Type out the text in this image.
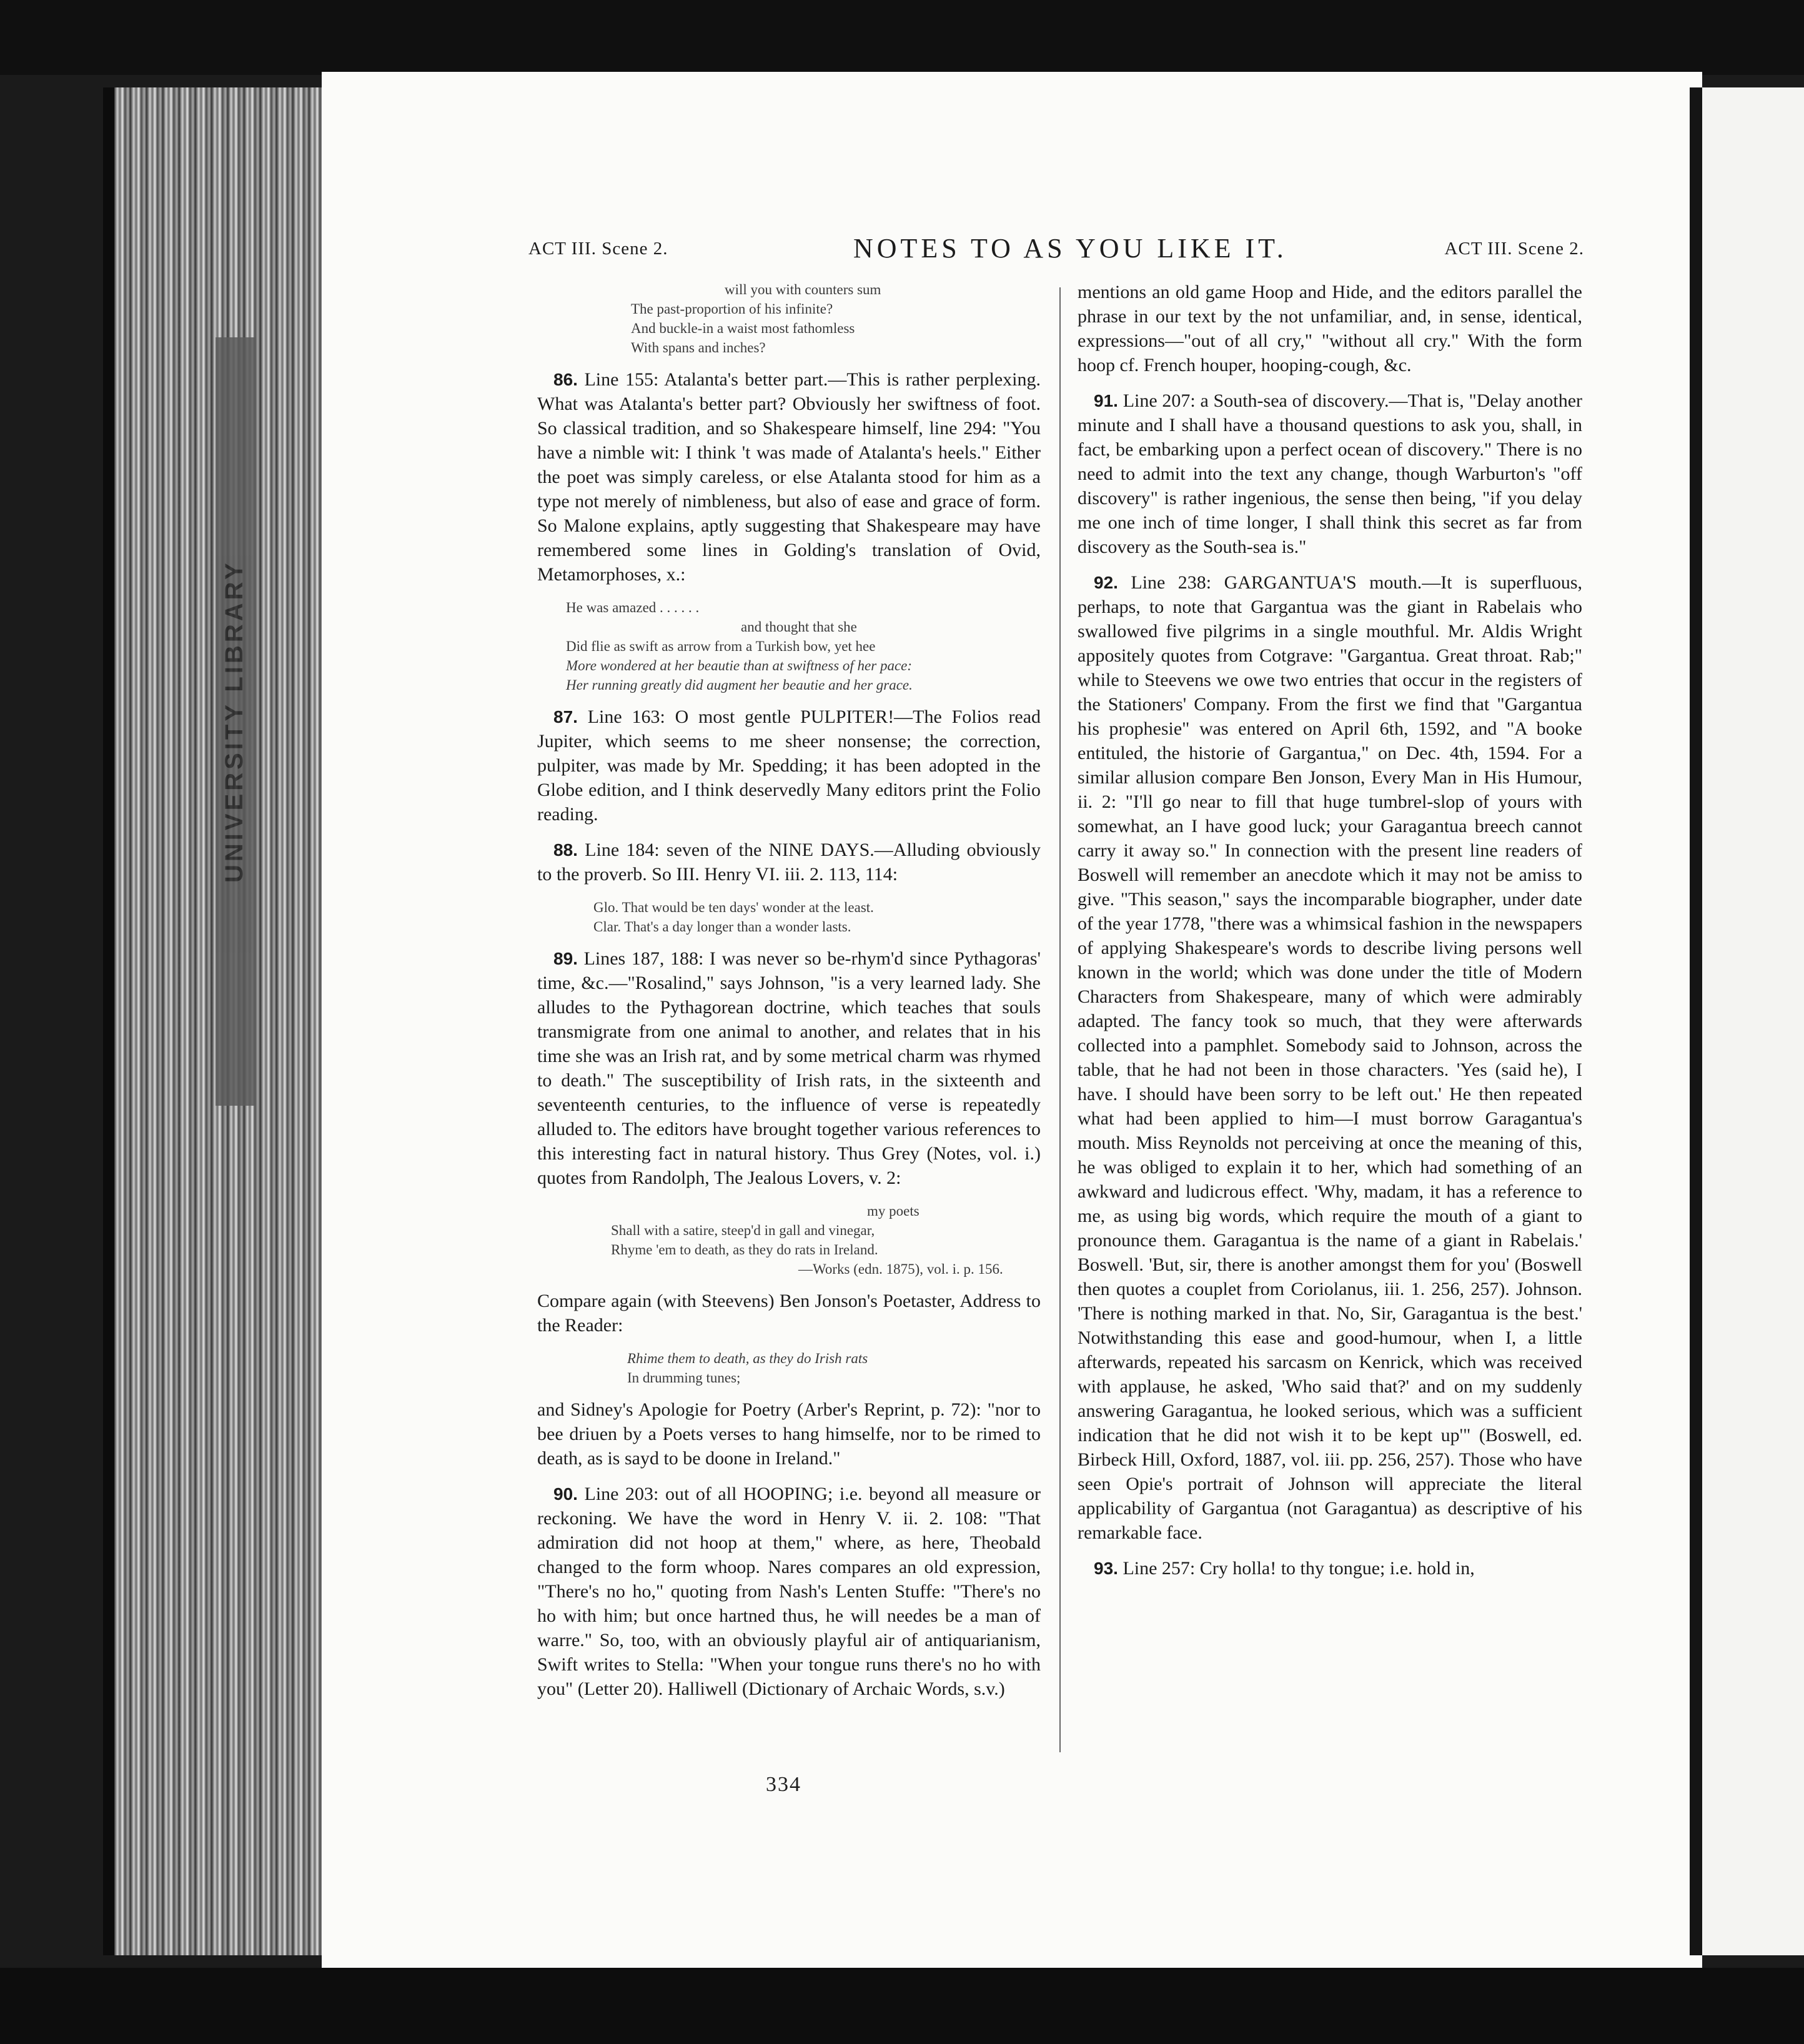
UNIVERSITY LIBRARY
ACT III. Scene 2.	NOTES TO AS YOU LIKE IT.	ACT III. Scene 2.
will you with counters sum
The past-proportion of his infinite?
And buckle-in a waist most fathomless
With spans and inches?

86. Line 155: Atalanta's better part.—This is rather perplexing. What was Atalanta's better part? Obviously her swiftness of foot. So classical tradition, and so Shakespeare himself, line 294: "You have a nimble wit: I think 't was made of Atalanta's heels." Either the poet was simply careless, or else Atalanta stood for him as a type not merely of nimbleness, but also of ease and grace of form. So Malone explains, aptly suggesting that Shakespeare may have remembered some lines in Golding's translation of Ovid, Metamorphoses, x.:

He was amazed . . . . . .
and thought that she
Did flie as swift as arrow from a Turkish bow, yet hee
More wondered at her beautie than at swiftness of her pace:
Her running greatly did augment her beautie and her grace.

87. Line 163: O most gentle PULPITER!—The Folios read Jupiter, which seems to me sheer nonsense; the correction, pulpiter, was made by Mr. Spedding; it has been adopted in the Globe edition, and I think deservedly Many editors print the Folio reading.

88. Line 184: seven of the NINE DAYS.—Alluding obviously to the proverb. So III. Henry VI. iii. 2. 113, 114:

Glo. That would be ten days' wonder at the least.
Clar. That's a day longer than a wonder lasts.

89. Lines 187, 188: I was never so be-rhym'd since Pythagoras' time, &c.—"Rosalind," says Johnson, "is a very learned lady. She alludes to the Pythagorean doctrine, which teaches that souls transmigrate from one animal to another, and relates that in his time she was an Irish rat, and by some metrical charm was rhymed to death." The susceptibility of Irish rats, in the sixteenth and seventeenth centuries, to the influence of verse is repeatedly alluded to. The editors have brought together various references to this interesting fact in natural history. Thus Grey (Notes, vol. i.) quotes from Randolph, The Jealous Lovers, v. 2:

my poets
Shall with a satire, steep'd in gall and vinegar,
Rhyme 'em to death, as they do rats in Ireland.
—Works (edn. 1875), vol. i. p. 156.

Compare again (with Steevens) Ben Jonson's Poetaster, Address to the Reader:

Rhime them to death, as they do Irish rats
In drumming tunes;

and Sidney's Apologie for Poetry (Arber's Reprint, p. 72): "nor to bee driuen by a Poets verses to hang himselfe, nor to be rimed to death, as is sayd to be doone in Ireland."

90. Line 203: out of all HOOPING; i.e. beyond all measure or reckoning. We have the word in Henry V. ii. 2. 108: "That admiration did not hoop at them," where, as here, Theobald changed to the form whoop. Nares compares an old expression, "There's no ho," quoting from Nash's Lenten Stuffe: "There's no ho with him; but once hartned thus, he will needes be a man of warre." So, too, with an obviously playful air of antiquarianism, Swift writes to Stella: "When your tongue runs there's no ho with you" (Letter 20). Halliwell (Dictionary of Archaic Words, s.v.)

mentions an old game Hoop and Hide, and the editors parallel the phrase in our text by the not unfamiliar, and, in sense, identical, expressions—"out of all cry," "without all cry." With the form hoop cf. French houper, hooping-cough, &c.

91. Line 207: a South-sea of discovery.—That is, "Delay another minute and I shall have a thousand questions to ask you, shall, in fact, be embarking upon a perfect ocean of discovery." There is no need to admit into the text any change, though Warburton's "off discovery" is rather ingenious, the sense then being, "if you delay me one inch of time longer, I shall think this secret as far from discovery as the South-sea is."

92. Line 238: GARGANTUA'S mouth.—It is superfluous, perhaps, to note that Gargantua was the giant in Rabelais who swallowed five pilgrims in a single mouthful. Mr. Aldis Wright appositely quotes from Cotgrave: "Gargantua. Great throat. Rab;" while to Steevens we owe two entries that occur in the registers of the Stationers' Company. From the first we find that "Gargantua his prophesie" was entered on April 6th, 1592, and "A booke entituled, the historie of Gargantua," on Dec. 4th, 1594. For a similar allusion compare Ben Jonson, Every Man in His Humour, ii. 2: "I'll go near to fill that huge tumbrel-slop of yours with somewhat, an I have good luck; your Garagantua breech cannot carry it away so." In connection with the present line readers of Boswell will remember an anecdote which it may not be amiss to give. "This season," says the incomparable biographer, under date of the year 1778, "there was a whimsical fashion in the newspapers of applying Shakespeare's words to describe living persons well known in the world; which was done under the title of Modern Characters from Shakespeare, many of which were admirably adapted. The fancy took so much, that they were afterwards collected into a pamphlet. Somebody said to Johnson, across the table, that he had not been in those characters. 'Yes (said he), I have. I should have been sorry to be left out.' He then repeated what had been applied to him—I must borrow Garagantua's mouth. Miss Reynolds not perceiving at once the meaning of this, he was obliged to explain it to her, which had something of an awkward and ludicrous effect. 'Why, madam, it has a reference to me, as using big words, which require the mouth of a giant to pronounce them. Garagantua is the name of a giant in Rabelais.' Boswell. 'But, sir, there is another amongst them for you' (Boswell then quotes a couplet from Coriolanus, iii. 1. 256, 257). Johnson. 'There is nothing marked in that. No, Sir, Garagantua is the best.' Notwithstanding this ease and good-humour, when I, a little afterwards, repeated his sarcasm on Kenrick, which was received with applause, he asked, 'Who said that?' and on my suddenly answering Garagantua, he looked serious, which was a sufficient indication that he did not wish it to be kept up'" (Boswell, ed. Birbeck Hill, Oxford, 1887, vol. iii. pp. 256, 257). Those who have seen Opie's portrait of Johnson will appreciate the literal applicability of Gargantua (not Garagantua) as descriptive of his remarkable face.

93. Line 257: Cry holla! to thy tongue; i.e. hold in,

334
